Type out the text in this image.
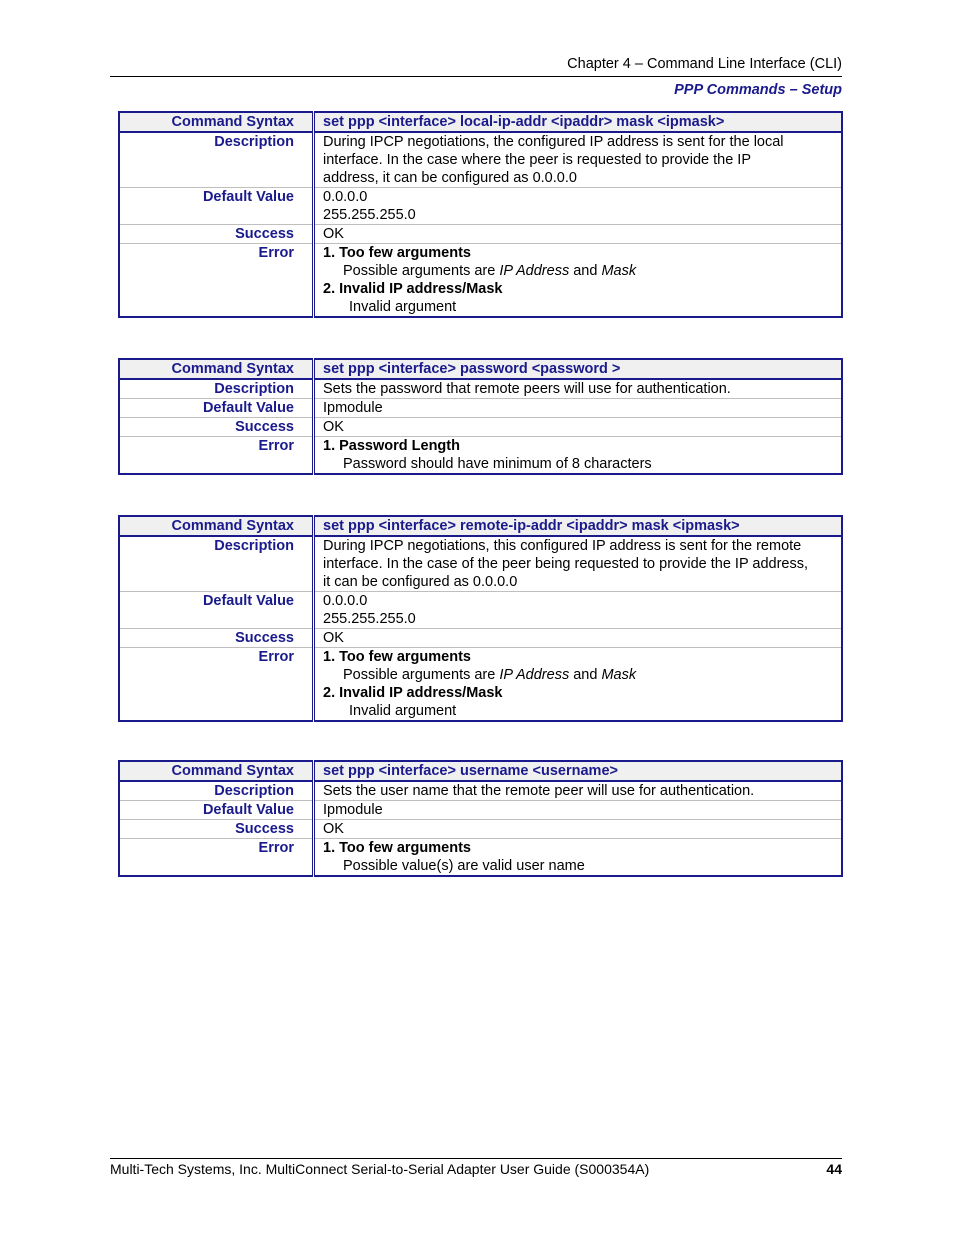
Chapter 4 – Command Line Interface (CLI)
PPP Commands – Setup
Command Syntax	set ppp <interface> local-ip-addr <ipaddr> mask <ipmask>
Description	During IPCP negotiations, the configured IP address is sent for the local
interface. In the case where the peer is requested to provide the IP
address, it can be configured as 0.0.0.0

Default Value	0.0.0.0
255.255.255.0

Success	OK
Error	1. Too few arguments
Possible arguments are IP Address and Mask
2. Invalid IP address/Mask
Invalid argument
Command Syntax	set ppp <interface> password <password >
Description	Sets the password that remote peers will use for authentication.
Default Value	Ipmodule
Success	OK
Error	1. Password Length
Password should have minimum of 8 characters
Command Syntax	set ppp <interface> remote-ip-addr <ipaddr> mask <ipmask>
Description	During IPCP negotiations, this configured IP address is sent for the remote
interface. In the case of the peer being requested to provide the IP address,
it can be configured as 0.0.0.0

Default Value	0.0.0.0
255.255.255.0

Success	OK
Error	1. Too few arguments
Possible arguments are IP Address and Mask
2. Invalid IP address/Mask
Invalid argument
Command Syntax	set ppp <interface> username <username>
Description	Sets the user name that the remote peer will use for authentication.
Default Value	Ipmodule
Success	OK
Error	1. Too few arguments
Possible value(s) are valid user name
Multi-Tech Systems, Inc. MultiConnect Serial-to-Serial Adapter User Guide (S000354A)	44
